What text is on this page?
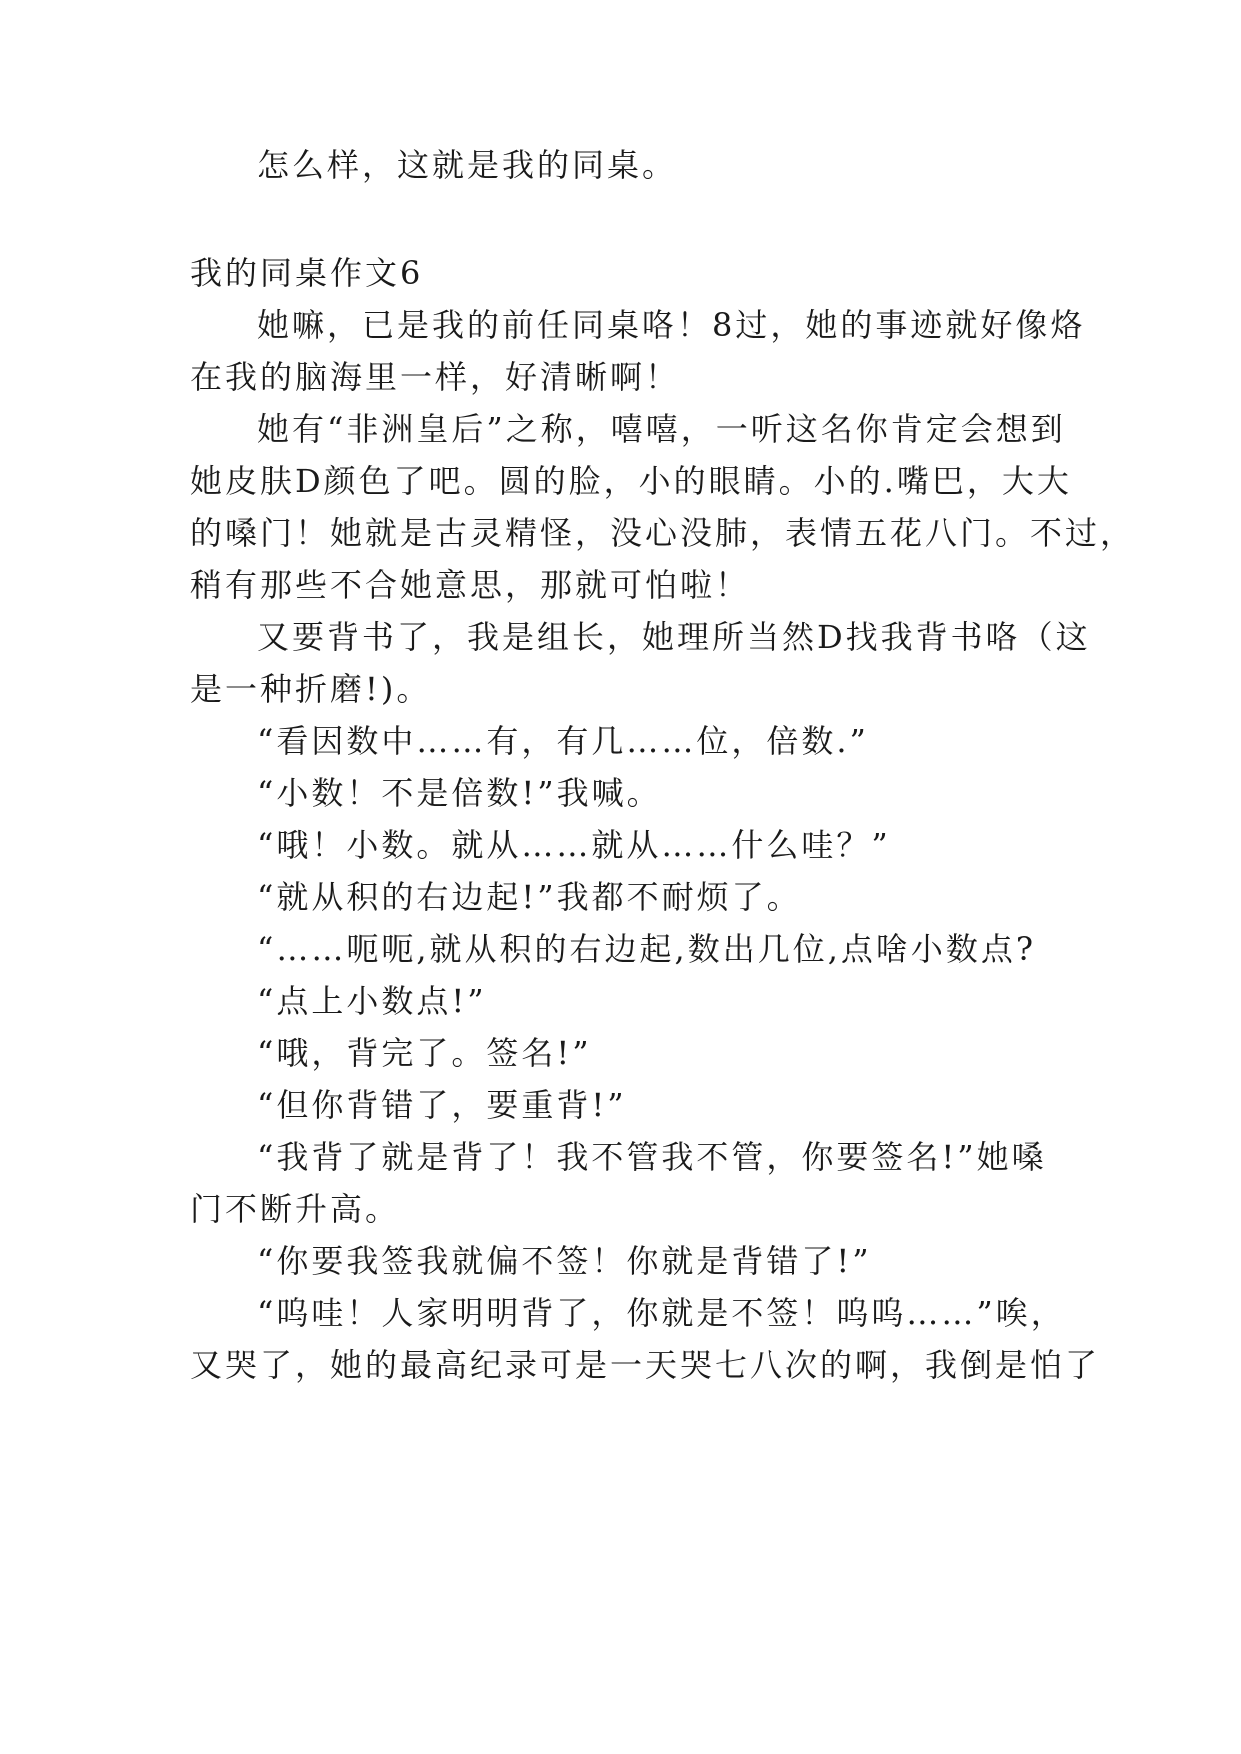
怎么样，这就是我的同桌。
我的同桌作文6
她嘛，已是我的前任同桌咯！8过，她的事迹就好像烙
在我的脑海里一样，好清晰啊！
她有“非洲皇后”之称，嘻嘻，一听这名你肯定会想到
她皮肤D颜色了吧。圆的脸，小的眼睛。小的.嘴巴，大大
的嗓门！她就是古灵精怪，没心没肺，表情五花八门。不过，
稍有那些不合她意思，那就可怕啦！
又要背书了，我是组长，她理所当然D找我背书咯（这
是一种折磨!)。
“看因数中……有，有几……位，倍数.”
“小数！不是倍数!”我喊。
“哦！小数。就从……就从……什么哇？”
“就从积的右边起!”我都不耐烦了。
“……呃呃,就从积的右边起,数出几位,点啥小数点?
“点上小数点!”
“哦，背完了。签名!”
“但你背错了，要重背!”
“我背了就是背了！我不管我不管，你要签名!”她嗓
门不断升高。
“你要我签我就偏不签！你就是背错了!”
“呜哇！人家明明背了，你就是不签！呜呜……”唉，
又哭了，她的最高纪录可是一天哭七八次的啊，我倒是怕了
